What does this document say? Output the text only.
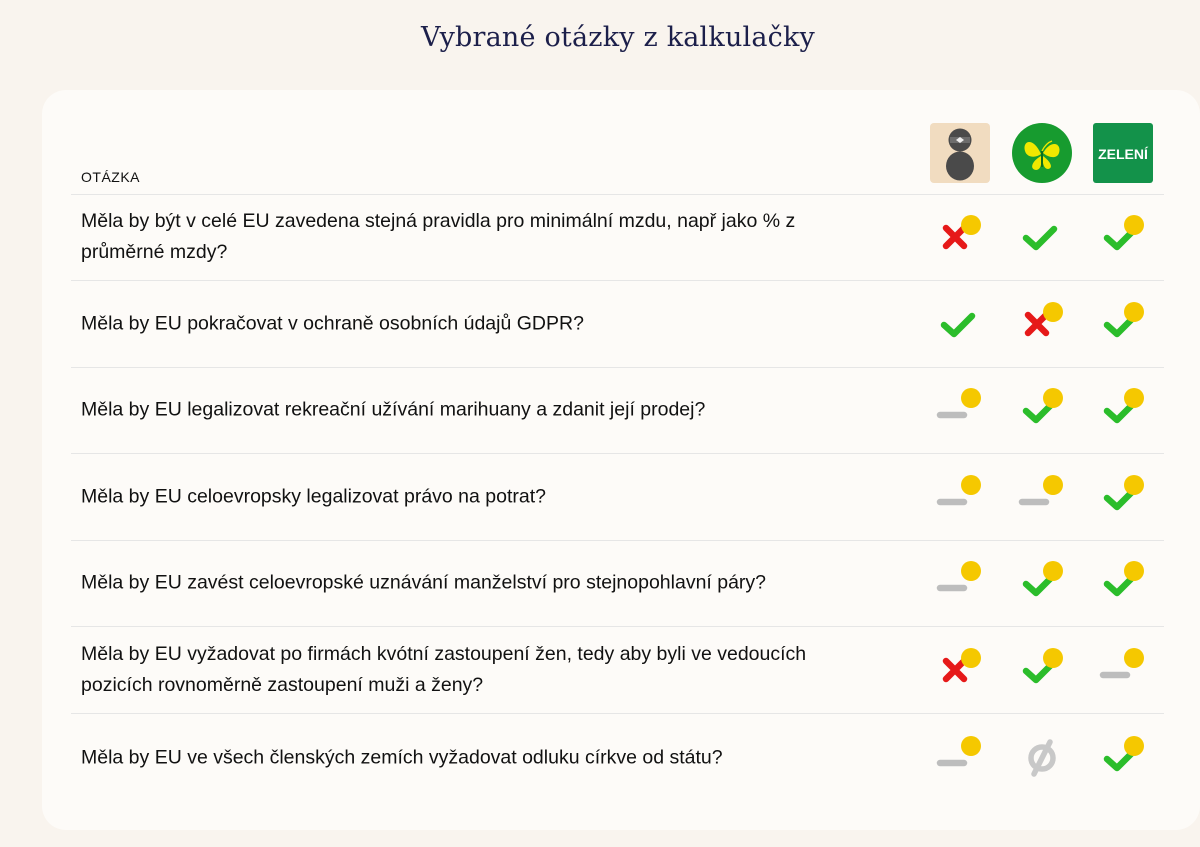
Vybrané otázky z kalkulačky
OTÁZKA
ZELENÍ
Měla by být v celé EU zavedena stejná pravidla pro minimální mzdu, např jako % z průměrné mzdy?
Měla by EU pokračovat v ochraně osobních údajů GDPR?
Měla by EU legalizovat rekreační užívání marihuany a zdanit její prodej?
Měla by EU celoevropsky legalizovat právo na potrat?
Měla by EU zavést celoevropské uznávání manželství pro stejnopohlavní páry?
Měla by EU vyžadovat po firmách kvótní zastoupení žen, tedy aby byli ve vedoucích pozicích rovnoměrně zastoupení muži a ženy?
Měla by EU ve všech členských zemích vyžadovat odluku církve od státu?
